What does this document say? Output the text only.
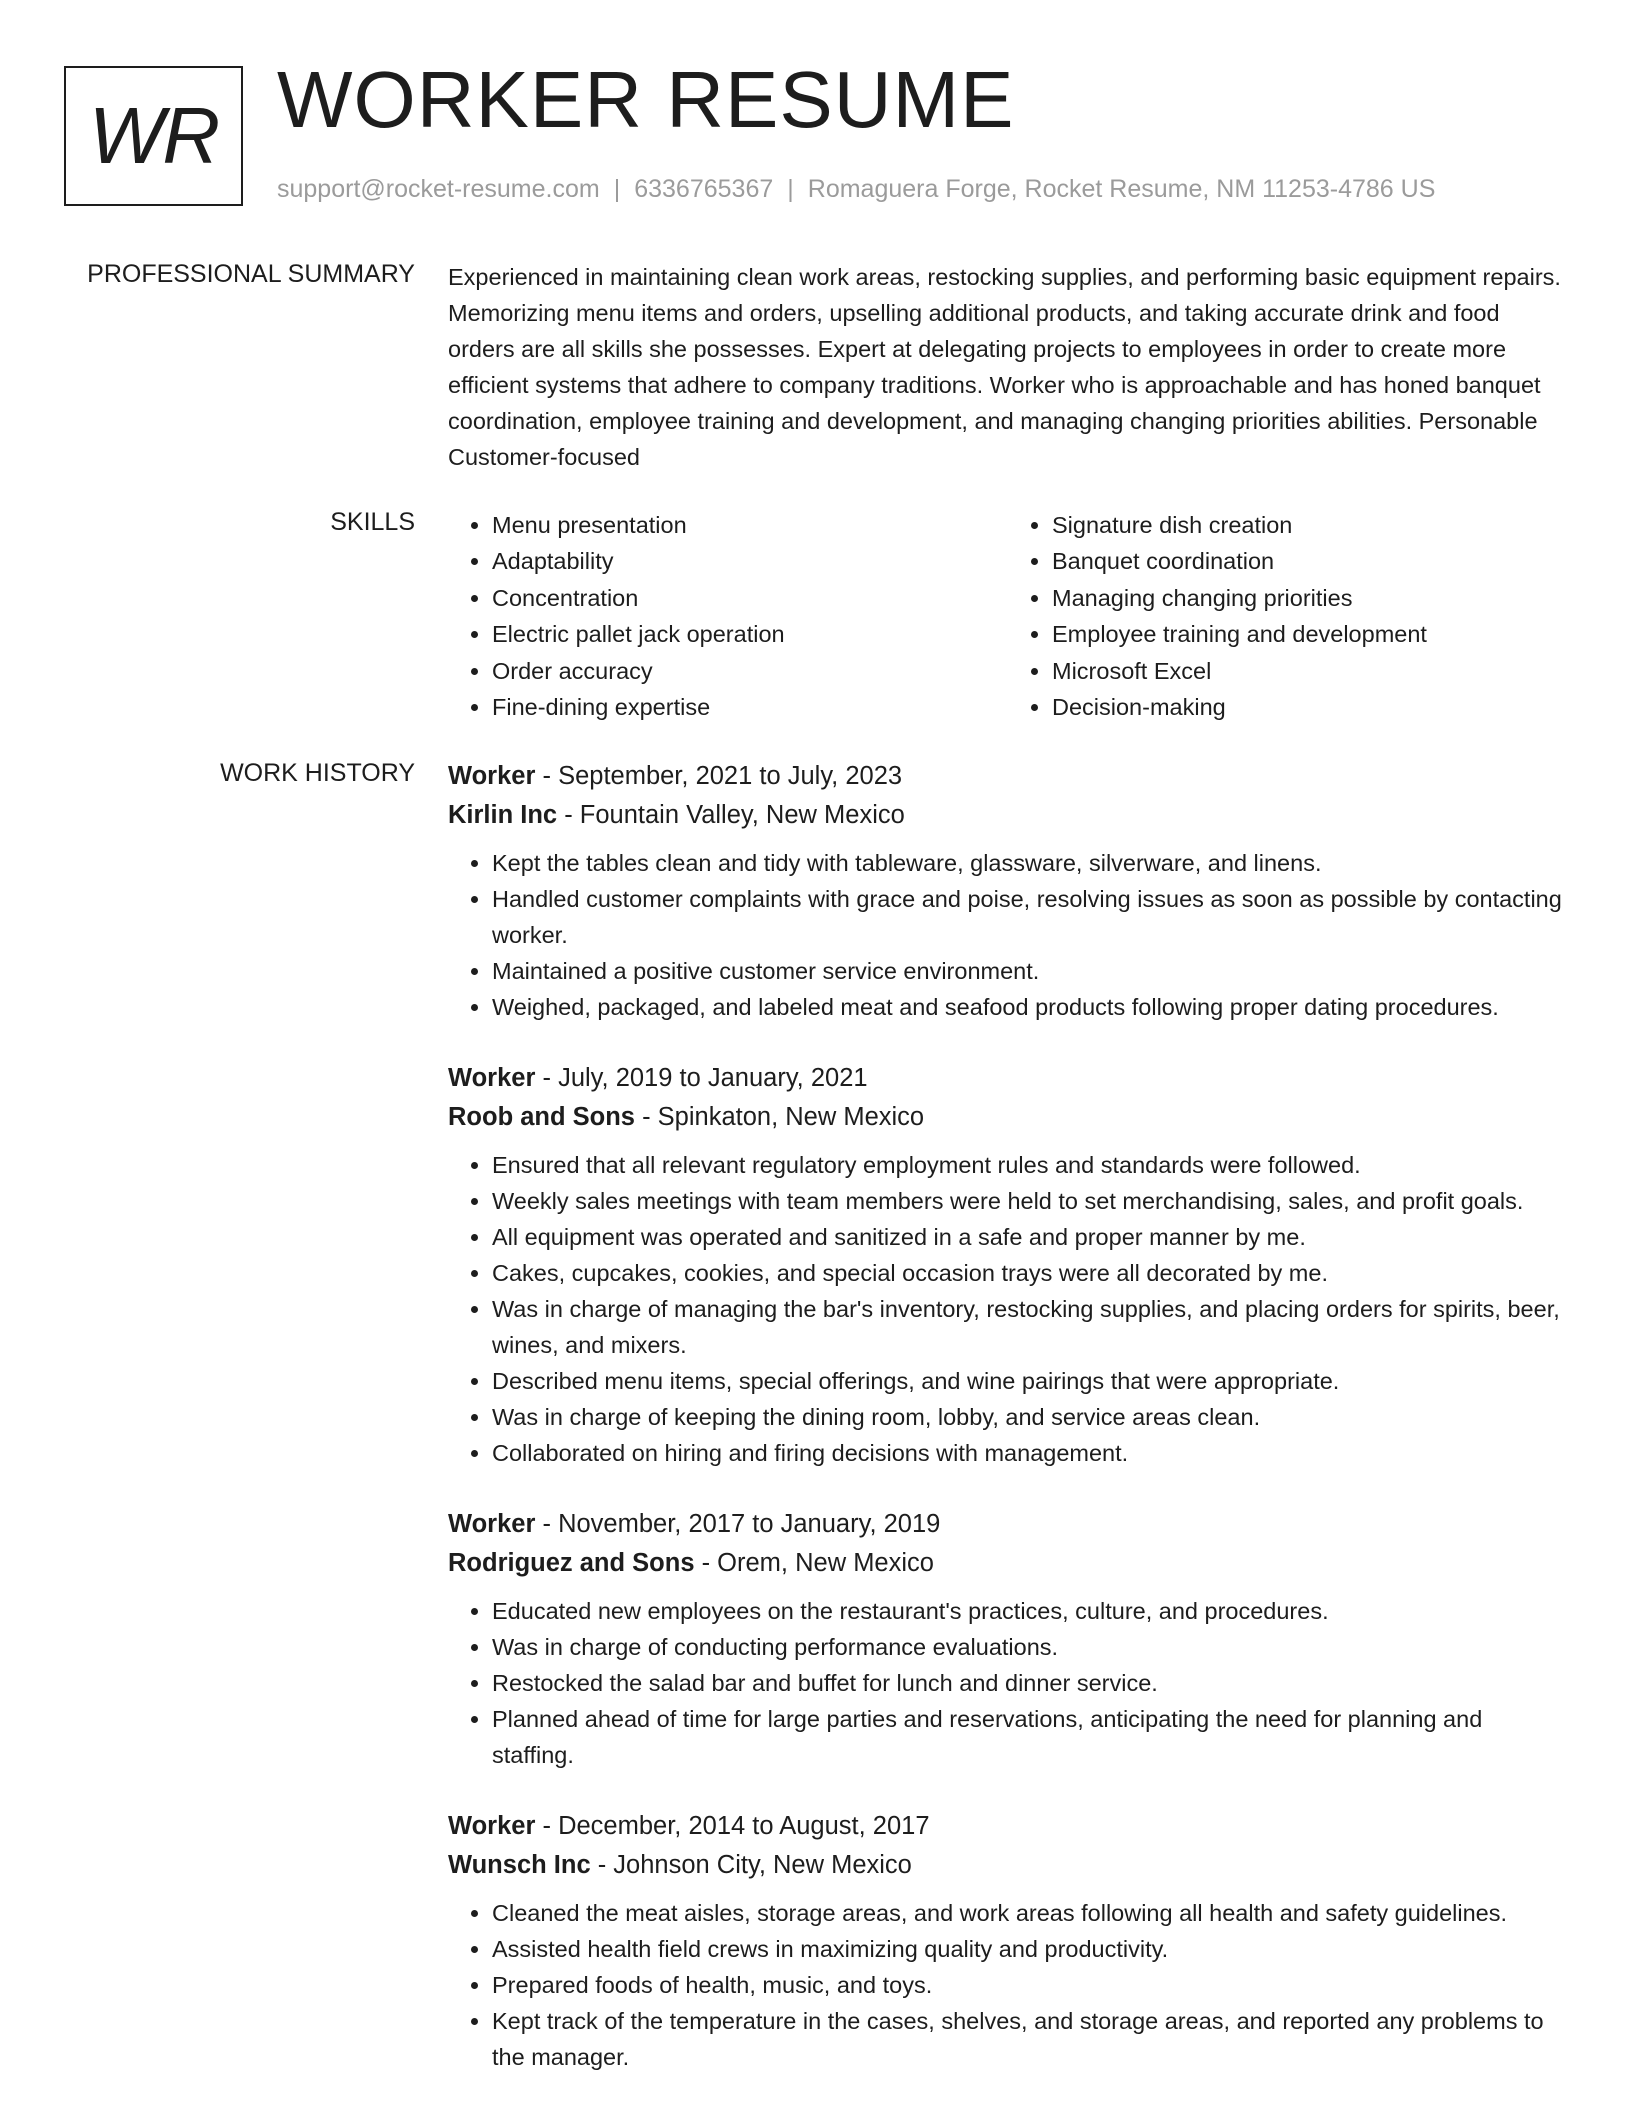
WR WORKER RESUME
support@rocket-resume.com | 6336765367 | Romaguera Forge, Rocket Resume, NM 11253-4786 US
PROFESSIONAL SUMMARY Experienced in maintaining clean work areas, restocking supplies, and performing basic equipment repairs. Memorizing menu items and orders, upselling additional products, and taking accurate drink and food orders are all skills she possesses. Expert at delegating projects to employees in order to create more efficient systems that adhere to company traditions. Worker who is approachable and has honed banquet coordination, employee training and development, and managing changing priorities abilities. Personable Customer-focused

SKILLS
•	Menu presentation
• Adaptability
• Concentration
• Electric pallet jack operation
• Order accuracy
• Fine-dining expertise
• Signature dish creation
• Banquet coordination
• Managing changing priorities
• Employee training and development
• Microsoft Excel
• Decision-making
WORK HISTORY Worker - September, 2021 to July, 2023
Kirlin Inc - Fountain Valley, New Mexico
• Kept the tables clean and tidy with tableware, glassware, silverware, and linens.
• Handled customer complaints with grace and poise, resolving issues as soon as possible by contacting worker.
• Maintained a positive customer service environment.
• Weighed, packaged, and labeled meat and seafood products following proper dating procedures.
Worker - July, 2019 to January, 2021
Roob and Sons - Spinkaton, New Mexico
• Ensured that all relevant regulatory employment rules and standards were followed.
• Weekly sales meetings with team members were held to set merchandising, sales, and profit goals.
• All equipment was operated and sanitized in a safe and proper manner by me.
• Cakes, cupcakes, cookies, and special occasion trays were all decorated by me.
• Was in charge of managing the bar's inventory, restocking supplies, and placing orders for spirits, beer, wines, and mixers.
• Described menu items, special offerings, and wine pairings that were appropriate.
• Was in charge of keeping the dining room, lobby, and service areas clean.
• Collaborated on hiring and firing decisions with management.
Worker - November, 2017 to January, 2019
Rodriguez and Sons - Orem, New Mexico
• Educated new employees on the restaurant's practices, culture, and procedures.
• Was in charge of conducting performance evaluations.
• Restocked the salad bar and buffet for lunch and dinner service.
• Planned ahead of time for large parties and reservations, anticipating the need for planning and staffing.
Worker - December, 2014 to August, 2017
Wunsch Inc - Johnson City, New Mexico
• Cleaned the meat aisles, storage areas, and work areas following all health and safety guidelines.
• Assisted health field crews in maximizing quality and productivity.
• Prepared foods of health, music, and toys.
• Kept track of the temperature in the cases, shelves, and storage areas, and reported any problems to the manager.
